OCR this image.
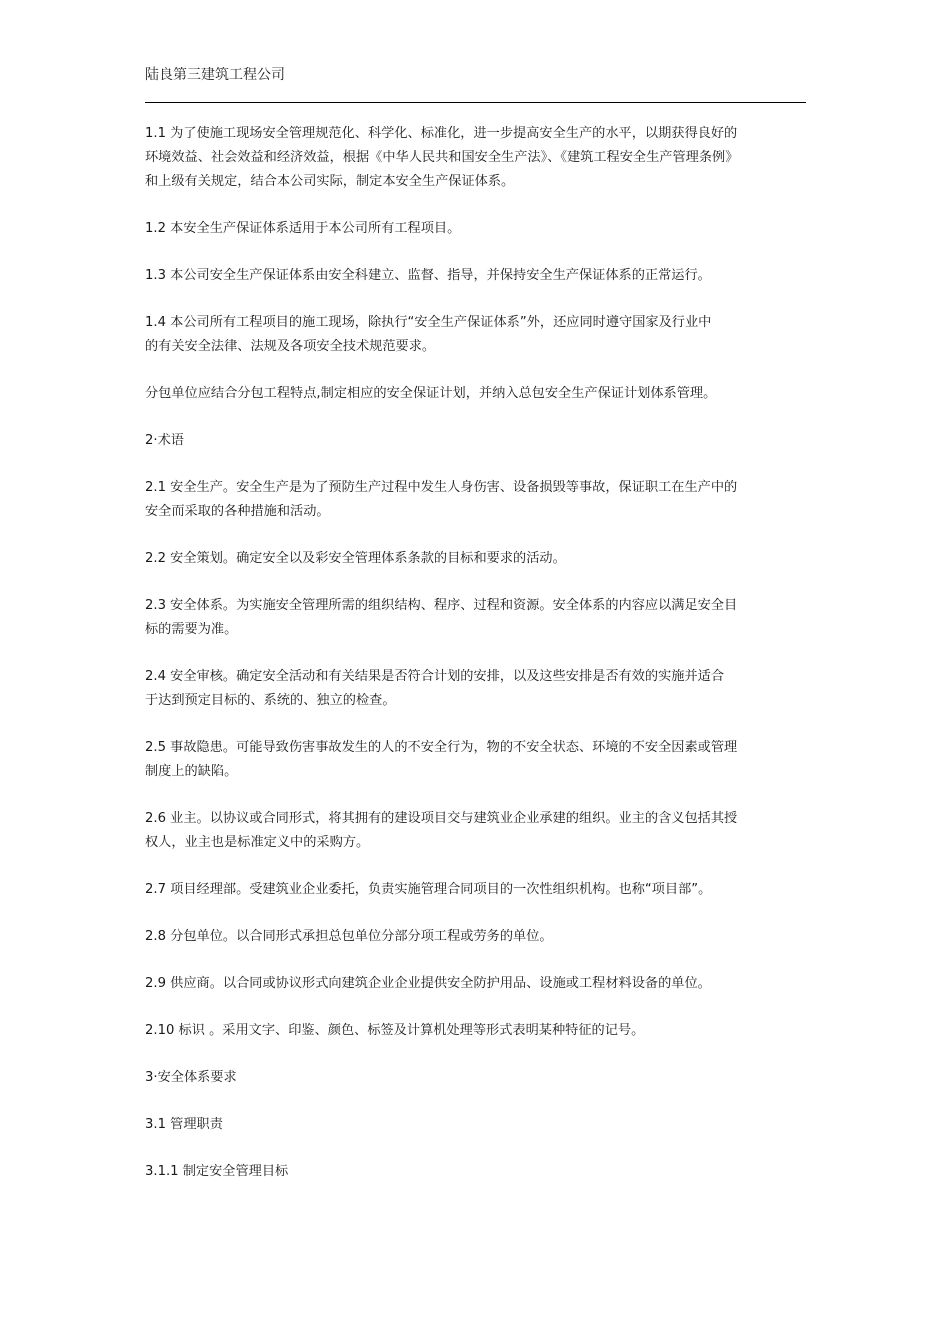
陆良第三建筑工程公司

1.1 为了使施工现场安全管理规范化、科学化、标准化，进一步提高安全生产的水平，以期获得良好的
环境效益、社会效益和经济效益，根据《中华人民共和国安全生产法》、《建筑工程安全生产管理条例》
和上级有关规定，结合本公司实际，制定本安全生产保证体系。

1.2 本安全生产保证体系适用于本公司所有工程项目。

1.3 本公司安全生产保证体系由安全科建立、监督、指导，并保持安全生产保证体系的正常运行。

1.4 本公司所有工程项目的施工现场，除执行“安全生产保证体系”外，还应同时遵守国家及行业中
的有关安全法律、法规及各项安全技术规范要求。

分包单位应结合分包工程特点,制定相应的安全保证计划，并纳入总包安全生产保证计划体系管理。

2·术语

2.1 安全生产。安全生产是为了预防生产过程中发生人身伤害、设备损毁等事故，保证职工在生产中的
安全而采取的各种措施和活动。

2.2 安全策划。确定安全以及彩安全管理体系条款的目标和要求的活动。

2.3 安全体系。为实施安全管理所需的组织结构、程序、过程和资源。安全体系的内容应以满足安全目
标的需要为准。

2.4 安全审核。确定安全活动和有关结果是否符合计划的安排，以及这些安排是否有效的实施并适合
于达到预定目标的、系统的、独立的检查。

2.5 事故隐患。可能导致伤害事故发生的人的不安全行为，物的不安全状态、环境的不安全因素或管理
制度上的缺陷。

2.6 业主。以协议或合同形式，将其拥有的建设项目交与建筑业企业承建的组织。业主的含义包括其授
权人，业主也是标准定义中的采购方。

2.7 项目经理部。受建筑业企业委托，负责实施管理合同项目的一次性组织机构。也称“项目部”。

2.8 分包单位。以合同形式承担总包单位分部分项工程或劳务的单位。

2.9 供应商。以合同或协议形式向建筑企业企业提供安全防护用品、设施或工程材料设备的单位。

2.10 标识 。采用文字、印鉴、颜色、标签及计算机处理等形式表明某种特征的记号。

3·安全体系要求

3.1 管理职责

3.1.1 制定安全管理目标
